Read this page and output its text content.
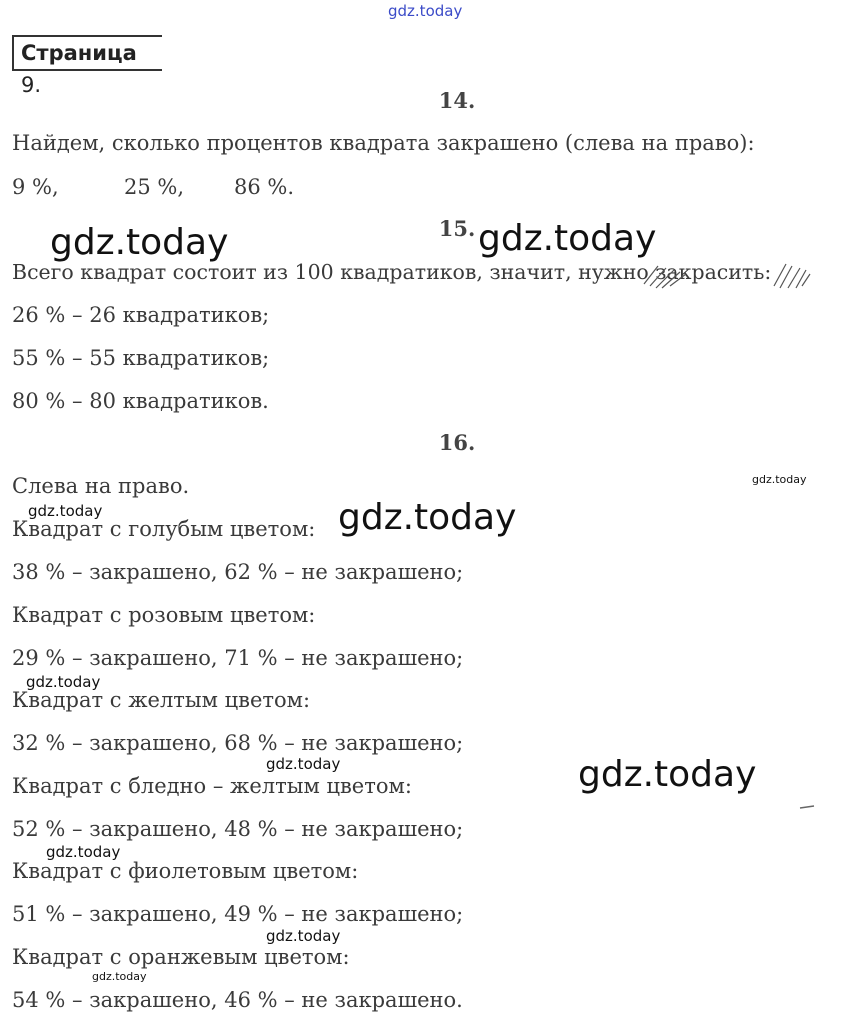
gdz.today
Страница 9.
14.
Найдем, сколько процентов квадрата закрашено (слева на право):
9 %,	25 %, 86 %.
15.
Всего квадрат состоит из 100 квадратиков, значит, нужно закрасить:
26 % – 26 квадратиков;
55 % – 55 квадратиков;
80 % – 80 квадратиков.
16.
Слева на право.
Квадрат с голубым цветом:
38 % – закрашено, 62 % – не закрашено;
Квадрат с розовым цветом:
29 % – закрашено, 71 % – не закрашено;
Квадрат с желтым цветом:
32 % – закрашено, 68 % – не закрашено;
Квадрат с бледно – желтым цветом:
52 % – закрашено, 48 % – не закрашено;
Квадрат с фиолетовым цветом:
51 % – закрашено, 49 % – не закрашено;
Квадрат с оранжевым цветом:
54 % – закрашено, 46 % – не закрашено.
gdz.today	gdz.today
gdz.today
gdz.today
gdz.today
gdz.today
gdz.today
gdz.today
gdz.today
gdz.today
gdz.today
